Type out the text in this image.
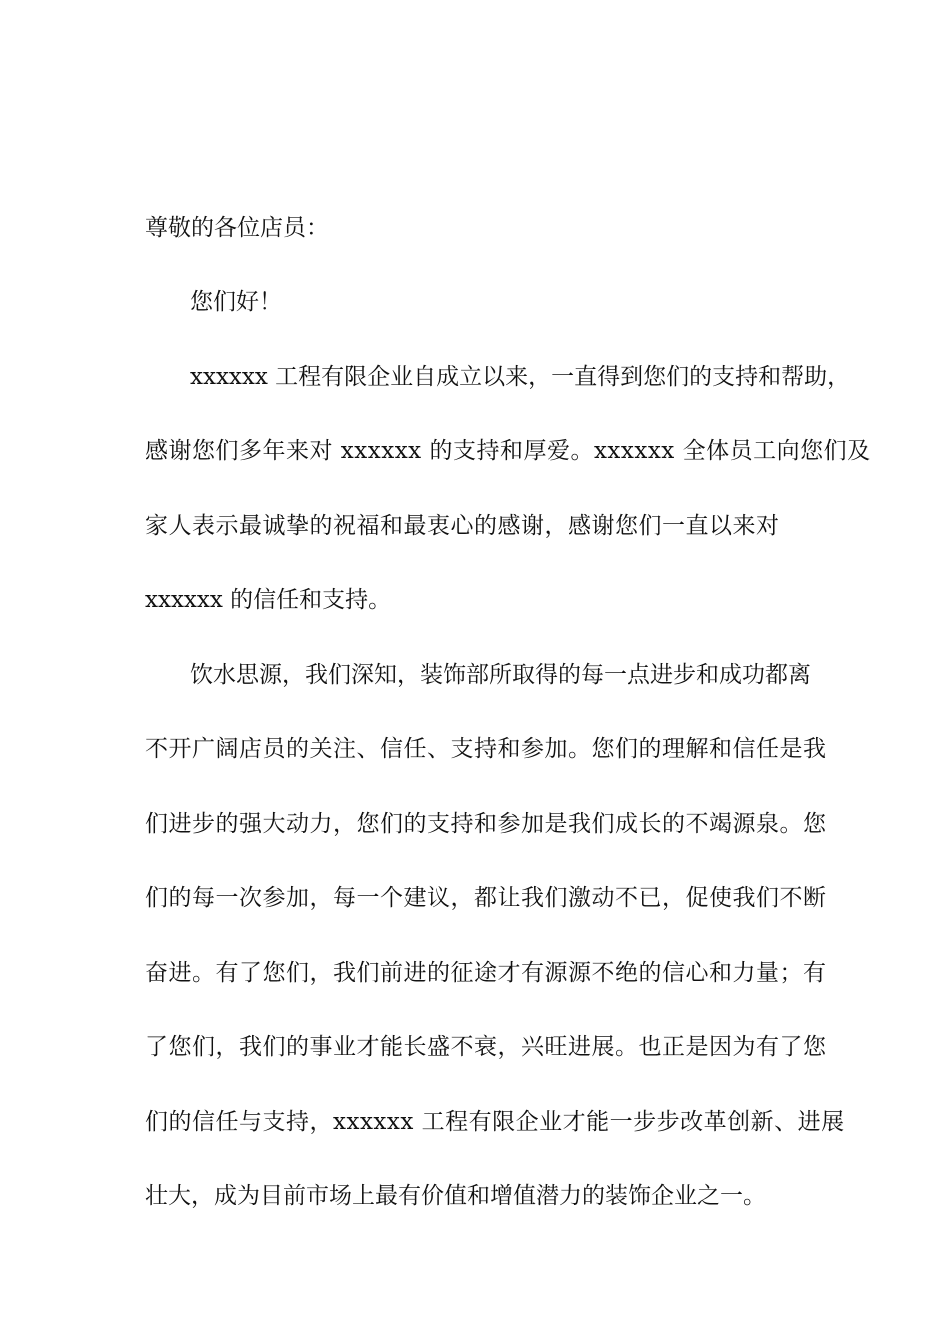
尊敬的各位店员：
您们好！
xxxxxx 工程有限企业自成立以来，一直得到您们的支持和帮助，
感谢您们多年来对 xxxxxx 的支持和厚爱。xxxxxx 全体员工向您们及
家人表示最诚挚的祝福和最衷心的感谢，感谢您们一直以来对
xxxxxx 的信任和支持。
饮水思源，我们深知，装饰部所取得的每一点进步和成功都离
不开广阔店员的关注、信任、支持和参加。您们的理解和信任是我
们进步的强大动力，您们的支持和参加是我们成长的不竭源泉。您
们的每一次参加，每一个建议，都让我们激动不已，促使我们不断
奋进。有了您们，我们前进的征途才有源源不绝的信心和力量；有
了您们，我们的事业才能长盛不衰，兴旺进展。也正是因为有了您
们的信任与支持，xxxxxx 工程有限企业才能一步步改革创新、进展
壮大，成为目前市场上最有价值和增值潜力的装饰企业之一。
